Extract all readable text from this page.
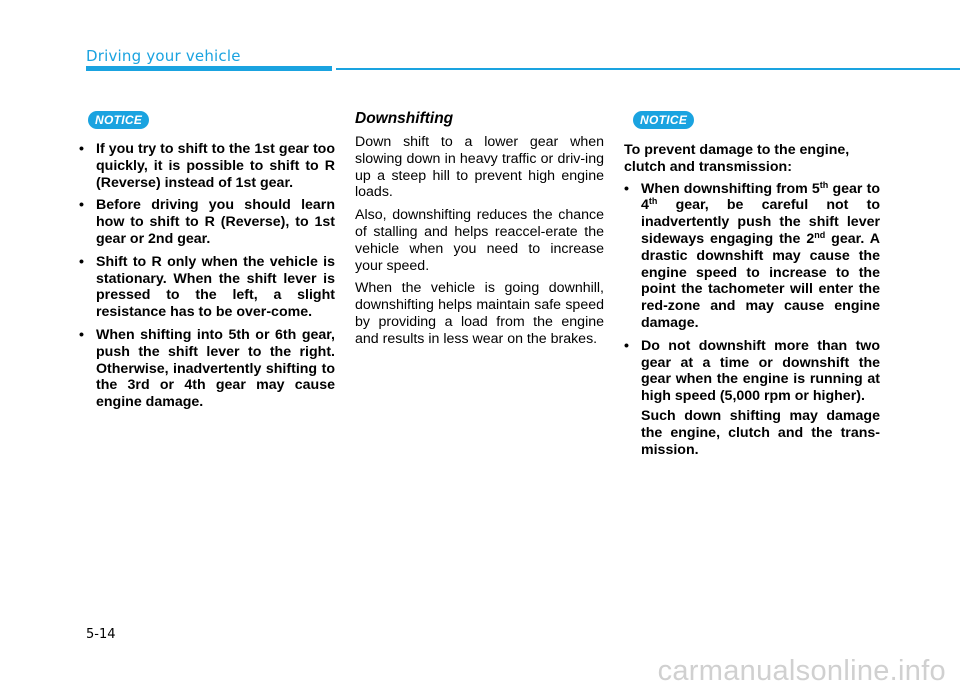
Driving your vehicle
NOTICE
• If you try to shift to the 1st gear too quickly, it is possible to shift to R (Reverse) instead of 1st gear.
• Before driving you should learn how to shift to R (Reverse), to 1st gear or 2nd gear.
• Shift to R only when the vehicle is stationary. When the shift lever is pressed to the left, a slight resistance has to be over-come.
• When shifting into 5th or 6th gear, push the shift lever to the right. Otherwise, inadvertently shifting to the 3rd or 4th gear may cause engine damage.
Downshifting

Down shift to a lower gear when slowing down in heavy traffic or driv-ing up a steep hill to prevent high engine loads.

Also, downshifting reduces the chance of stalling and helps reaccel-erate the vehicle when you need to increase your speed.

When the vehicle is going downhill, downshifting helps maintain safe speed by providing a load from the engine and results in less wear on the brakes.

NOTICE
To prevent damage to the engine, clutch and transmission:
• When downshifting from 5th gear to 4th gear, be careful not to inadvertently push the shift lever sideways engaging the 2nd gear. A drastic downshift may cause the engine speed to increase to the point the tachometer will enter the red-zone and may cause engine damage.
• Do not downshift more than two gear at a time or downshift the gear when the engine is running at high speed (5,000 rpm or higher).
Such down shifting may damage the engine, clutch and the trans-mission.
5-14
carmanualsonline.info
